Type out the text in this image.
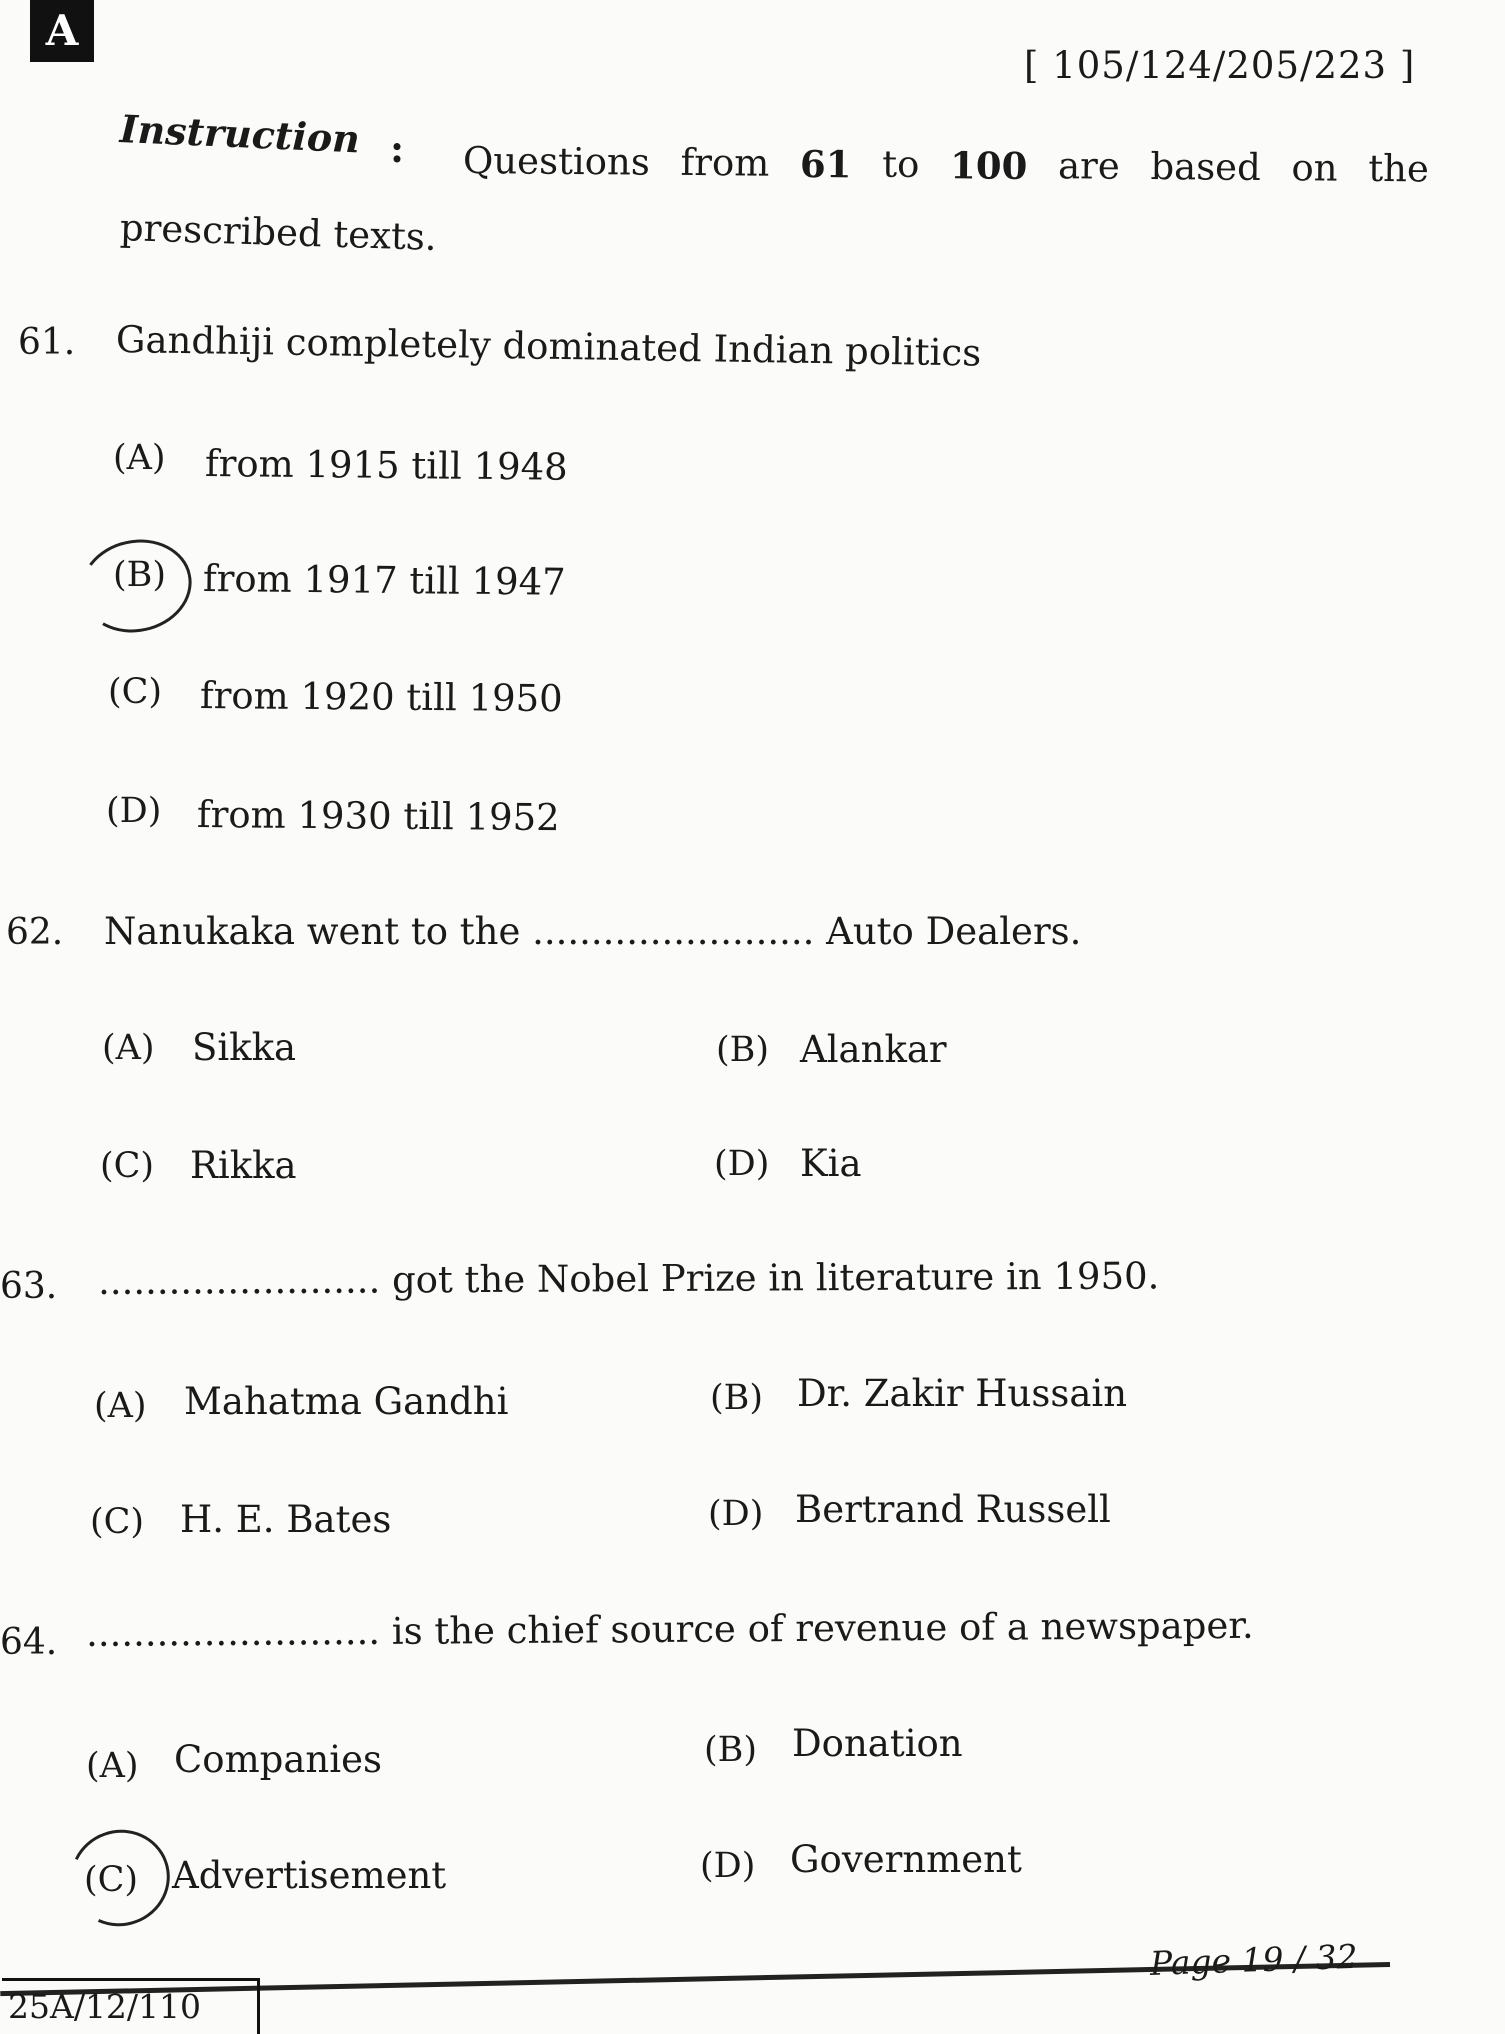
A
[ 105/124/205/223 ]
Instruction : Questions from 61 to 100 are based on the
prescribed texts.
61. Gandhiji completely dominated Indian politics
(A) from 1915 till 1948
(B) from 1917 till 1947
(C) from 1920 till 1950
(D) from 1930 till 1952
62. Nanukaka went to the ........................ Auto Dealers.
(A) Sikka	(B) Alankar
(C) Rikka	(D) Kia
63. ........................ got the Nobel Prize in literature in 1950.
(A) Mahatma Gandhi	(B) Dr. Zakir Hussain
(C) H. E. Bates	(D) Bertrand Russell
64. ......................... is the chief source of revenue of a newspaper.
(A) Companies	(B) Donation
(C) Advertisement	(D) Government
Page 19 / 32
25A/12/110
